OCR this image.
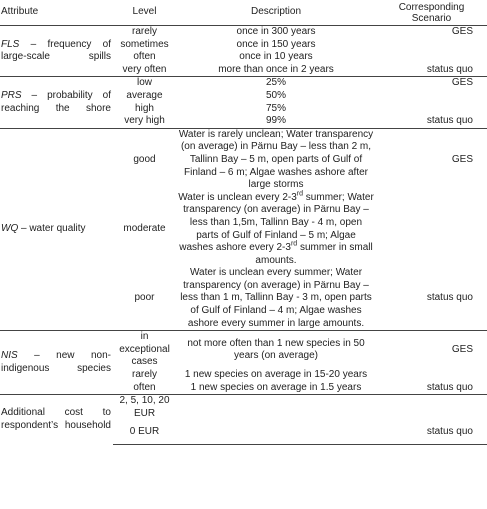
Attribute	Level	Description	Corresponding Scenario
FLS – frequency of large-scale spills	rarely	once in 300 years	GES
	sometimes	once in 150 years	
	often	once in 10 years	
	very often	more than once in 2 years	status quo
PRS – probability of reaching the shore	low	25%	GES
	average	50%	
	high	75%	
	very high	99%	status quo
WQ – water quality	good	Water is rarely unclean; Water transparency (on average) in Pärnu Bay – less than 2 m, Tallinn Bay – 5 m, open parts of Gulf of Finland – 6 m; Algae washes ashore after large storms	GES
	moderate	Water is unclean every 2-3rd summer; Water transparency (on average) in Pärnu Bay – less than 1,5m, Tallinn Bay - 4 m, open parts of Gulf of Finland – 5 m; Algae washes ashore every 2-3rd summer in small amounts.	
	poor	Water is unclean every summer; Water transparency (on average) in Pärnu Bay – less than 1 m, Tallinn Bay - 3 m, open parts of Gulf of Finland – 4 m; Algae washes ashore every summer in large amounts.	status quo
NIS – new non-indigenous species	in exceptional cases	not more often than 1 new species in 50 years (on average)	GES
	rarely	1 new species on average in 15-20 years	
	often	1 new species on average in 1.5 years	status quo
Additional cost to respondent’s household	2, 5, 10, 20 EUR		
	0 EUR		status quo
